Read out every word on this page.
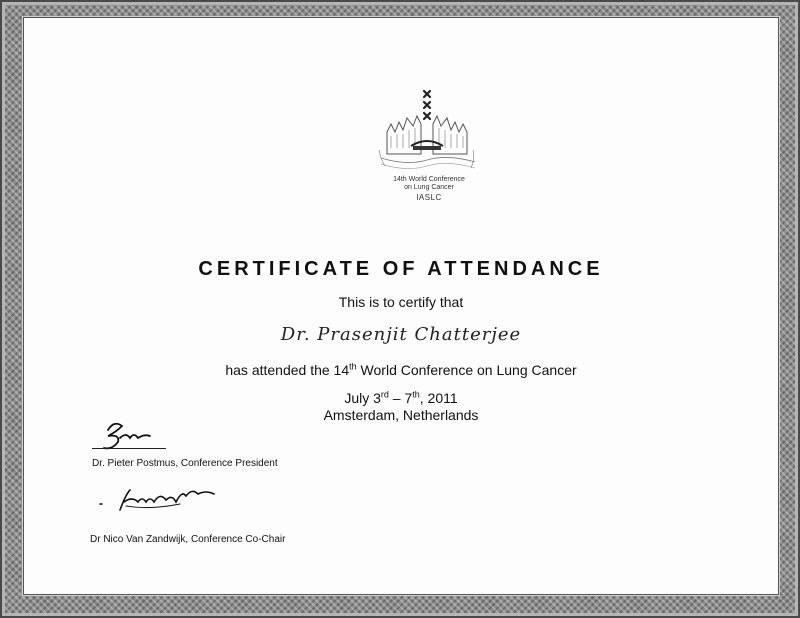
14th World Conference
on Lung Cancer
IASLC
CERTIFICATE OF ATTENDANCE
This is to certify that
Dr. Prasenjit Chatterjee
has attended the 14th World Conference on Lung Cancer
July 3rd – 7th, 2011
Amsterdam, Netherlands
Dr. Pieter Postmus, Conference President
Dr Nico Van Zandwijk, Conference Co-Chair
